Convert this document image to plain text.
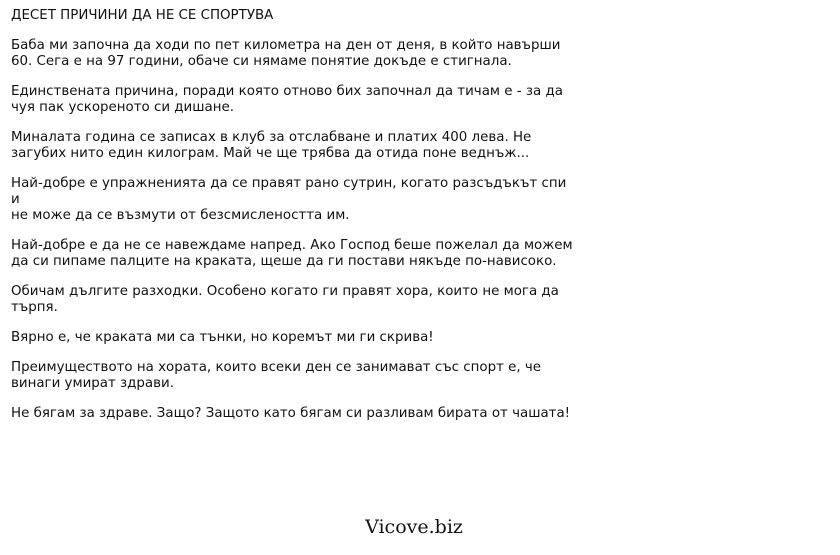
ДЕСЕТ ПРИЧИНИ ДА НЕ СЕ СПОРТУВА
Баба ми започна да ходи по пет километра на ден от деня, в който навърши
60. Сега е на 97 години, обаче си нямаме понятие докъде е стигнала.
Единствената причина, поради която отново бих започнал да тичам е - за да
чуя пак ускореното си дишане.
Миналата година се записах в клуб за отслабване и платих 400 лева. Не
загубих нито един килограм. Май че ще трябва да отида поне веднъж...
Най-добре е упражненията да се правят рано сутрин, когато разсъдъкът спи и
не може да се възмути от безсмислеността им.
Най-добре е да не се навеждаме напред. Ако Господ беше пожелал да можем
да си пипаме палците на краката, щеше да ги постави някъде по-нависоко.
Обичам дългите разходки. Особено когато ги правят хора, които не мога да
търпя.
Вярно е, че краката ми са тънки, но коремът ми ги скрива!
Преимуществото на хората, които всеки ден се занимават със спорт е, че
винаги умират здрави.
Не бягам за здраве. Защо? Защото като бягам си разливам бирата от чашата!
Vicove.biz
